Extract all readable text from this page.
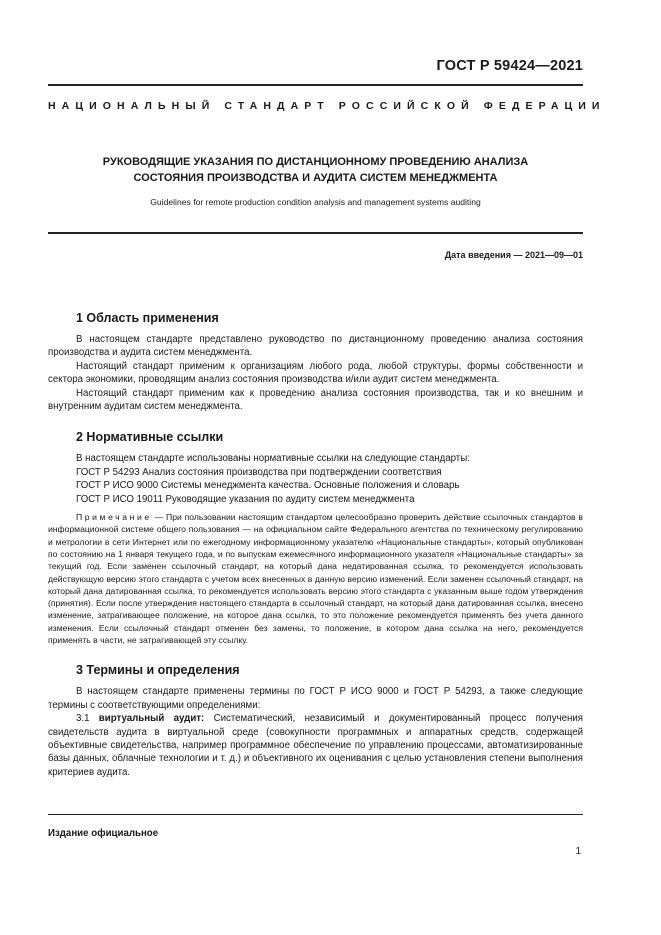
ГОСТ Р 59424—2021
НАЦИОНАЛЬНЫЙ СТАНДАРТ РОССИЙСКОЙ ФЕДЕРАЦИИ
РУКОВОДЯЩИЕ УКАЗАНИЯ ПО ДИСТАНЦИОННОМУ ПРОВЕДЕНИЮ АНАЛИЗА
СОСТОЯНИЯ ПРОИЗВОДСТВА И АУДИТА СИСТЕМ МЕНЕДЖМЕНТА
Guidelines for remote production condition analysis and management systems auditing
Дата введения — 2021—09—01
1 Область применения

В настоящем стандарте представлено руководство по дистанционному проведению анализа состояния производства и аудита систем менеджмента.

Настоящий стандарт применим к организациям любого рода, любой структуры, формы собственности и сектора экономики, проводящим анализ состояния производства и/или аудит систем менеджмента.

Настоящий стандарт применим как к проведению анализа состояния производства, так и ко внешним и внутренним аудитам систем менеджмента.

2 Нормативные ссылки

В настоящем стандарте использованы нормативные ссылки на следующие стандарты:

ГОСТ Р 54293 Анализ состояния производства при подтверждении соответствия

ГОСТ Р ИСО 9000 Системы менеджмента качества. Основные положения и словарь

ГОСТ Р ИСО 19011 Руководящие указания по аудиту систем менеджмента

Примечание — При пользовании настоящим стандартом целесообразно проверить действие ссылочных стандартов в информационной системе общего пользования — на официальном сайте Федерального агентства по техническому регулированию и метрологии в сети Интернет или по ежегодному информационному указателю «Национальные стандарты», который опубликован по состоянию на 1 января текущего года, и по выпускам ежемесячного информационного указателя «Национальные стандарты» за текущий год. Если заменен ссылочный стандарт, на который дана недатированная ссылка, то рекомендуется использовать действующую версию этого стандарта с учетом всех внесенных в данную версию изменений. Если заменен ссылочный стандарт, на который дана датированная ссылка, то рекомендуется использовать версию этого стандарта с указанным выше годом утверждения (принятия). Если после утверждения настоящего стандарта в ссылочный стандарт, на который дана датированная ссылка, внесено изменение, затрагивающее положение, на которое дана ссылка, то это положение рекомендуется применять без учета данного изменения. Если ссылочный стандарт отменен без замены, то положение, в котором дана ссылка на него, рекомендуется применять в части, не затрагивающей эту ссылку.

3 Термины и определения

В настоящем стандарте применены термины по ГОСТ Р ИСО 9000 и ГОСТ Р 54293, а также следующие термины с соответствующими определениями:

3.1 виртуальный аудит: Систематический, независимый и документированный процесс получения свидетельств аудита в виртуальной среде (совокупности программных и аппаратных средств, содержащей объективные свидетельства, например программное обеспечение по управлению процессами, автоматизированные базы данных, облачные технологии и т. д.) и объективного их оценивания с целью установления степени выполнения критериев аудита.

Издание официальное
1
